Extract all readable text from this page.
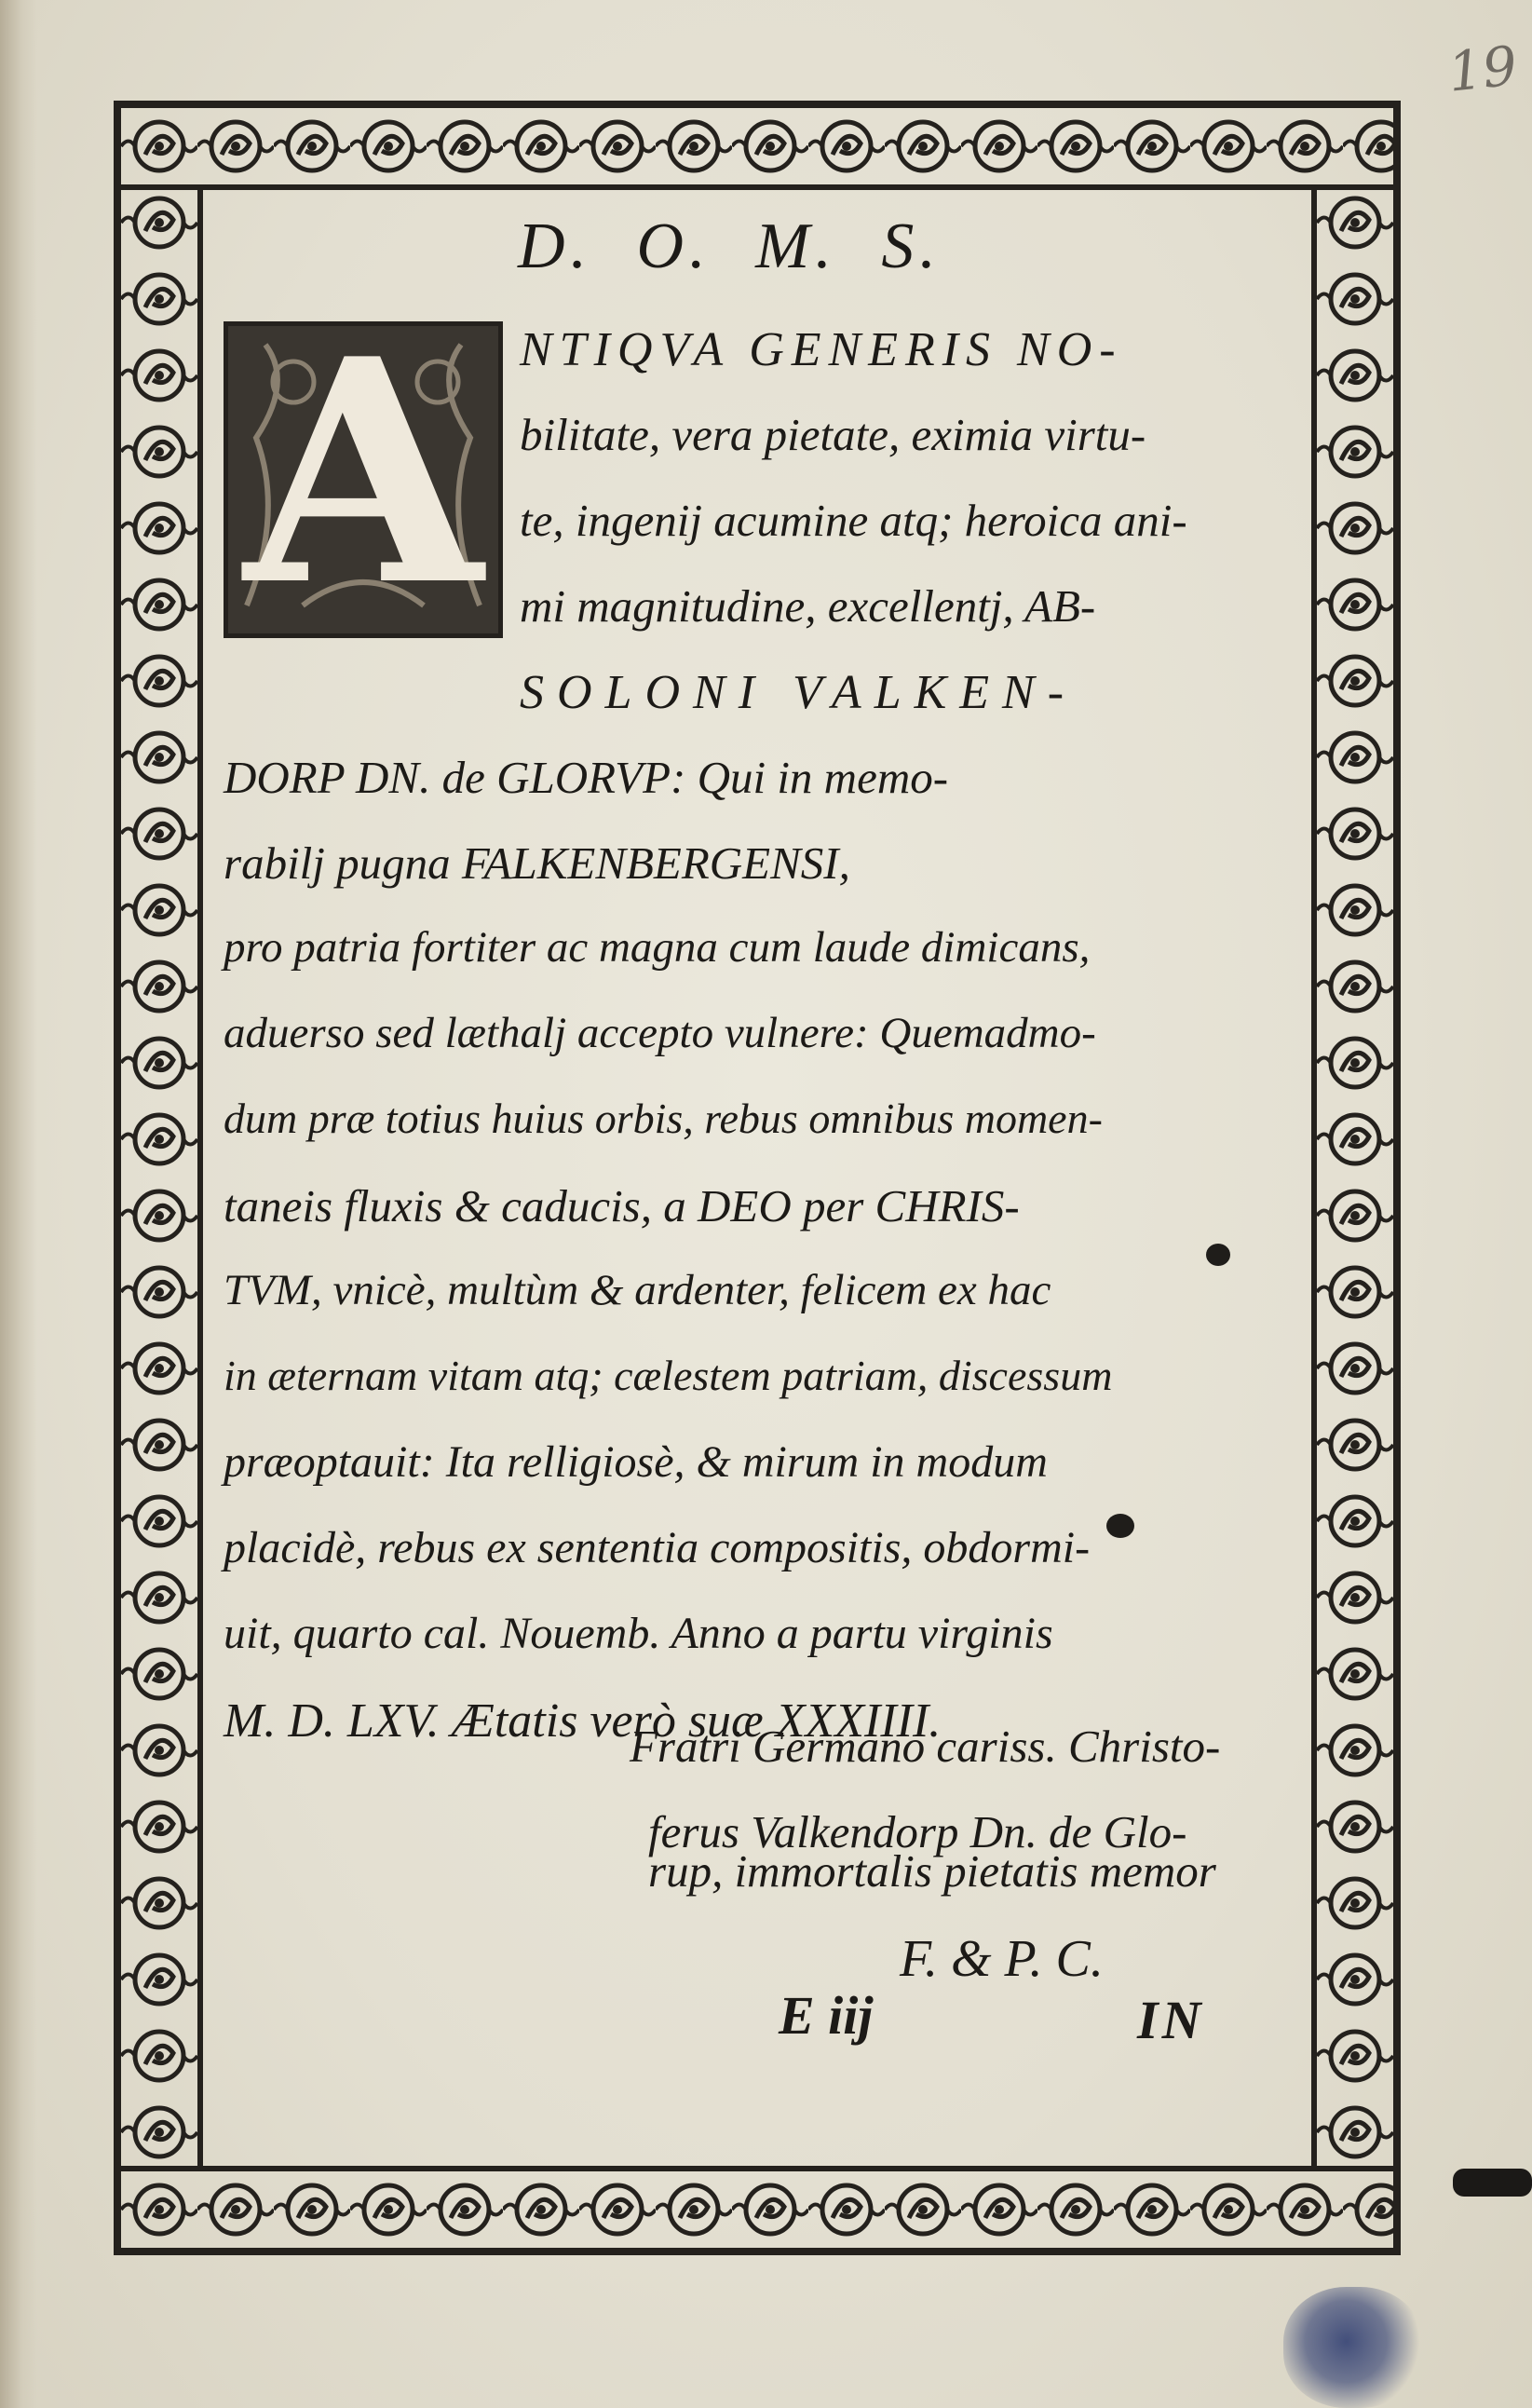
19
D. O. M. S.
A NTIQVA GENERIS NO-
bilitate, vera pietate, eximia virtu-
te, ingenij acumine atq; heroica ani-
mi magnitudine, excellentj, AB-
SOLONI VALKEN-
DORP DN. de GLORVP: Qui in memo-
rabilj pugna FALKENBERGENSI,
pro patria fortiter ac magna cum laude dimicans,
aduerso sed læthalj accepto vulnere: Quemadmo-
dum præ totius huius orbis, rebus omnibus momen-
taneis fluxis & caducis, a DEO per CHRIS-
TVM, vnicè, multùm & ardenter, felicem ex hac
in æternam vitam atq; cælestem patriam, discessum
præoptauit: Ita relligiosè, & mirum in modum
placidè, rebus ex sententia compositis, obdormi-
uit, quarto cal. Nouemb. Anno a partu virginis
M. D. LXV. Ætatis verò suæ XXXIIII.
Fratri Germano cariss. Christo-
ferus Valkendorp Dn. de Glo-
rup, immortalis pietatis memor
F. & P. C.
E iij	IN
